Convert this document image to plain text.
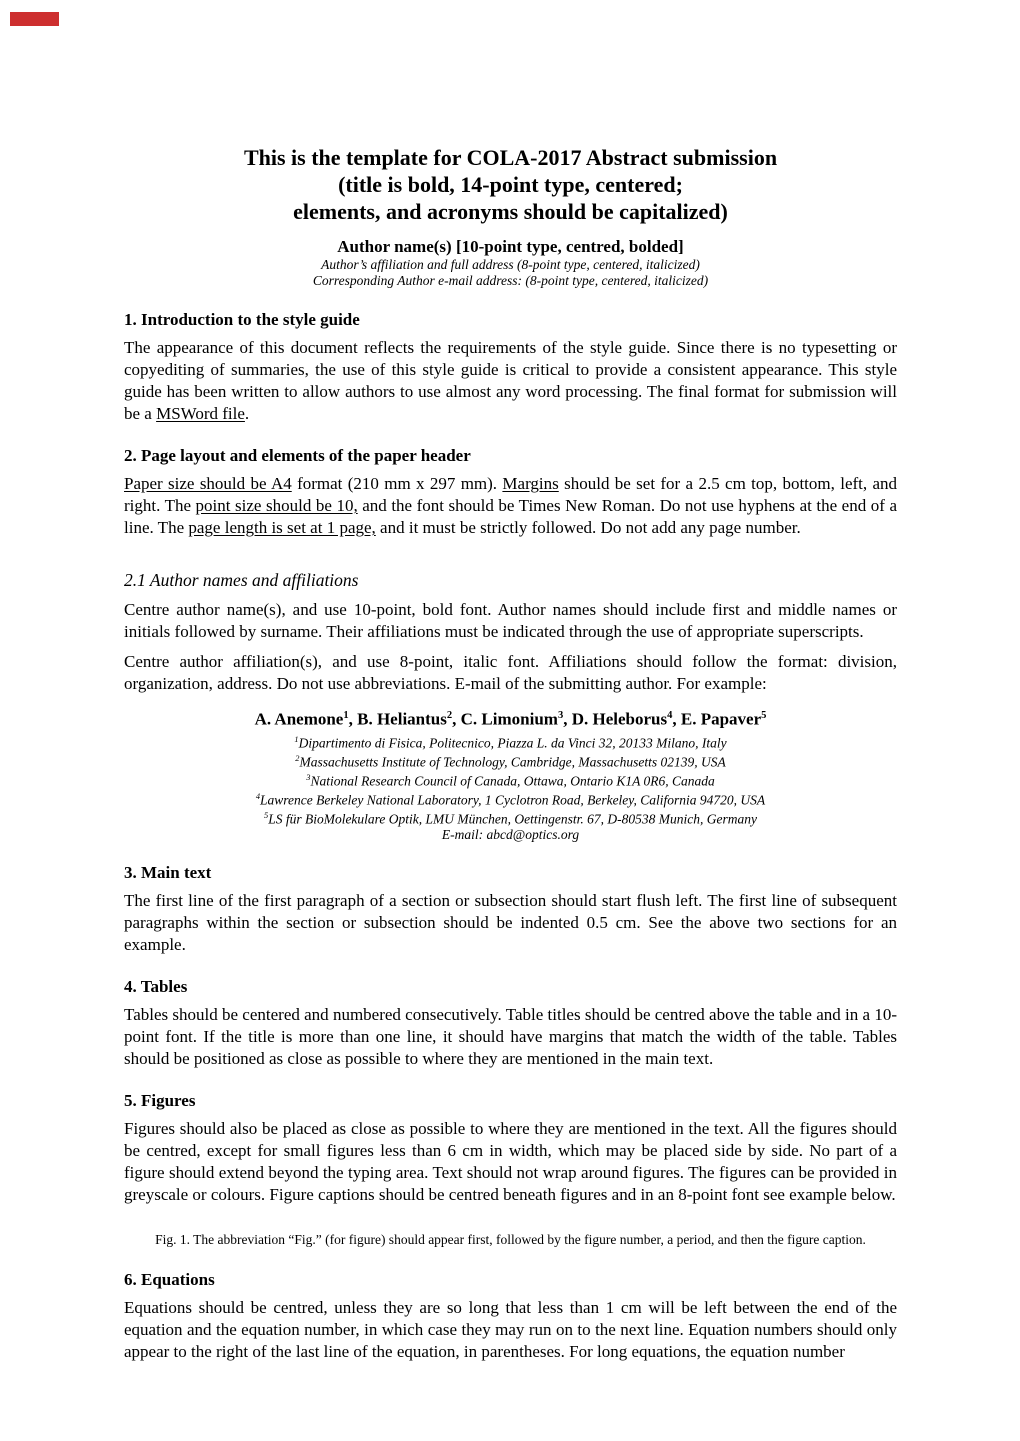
This is the template for COLA-2017 Abstract submission
(title is bold, 14-point type, centered;
elements, and acronyms should be capitalized)
Author name(s) [10-point type, centred, bolded]
Author’s affiliation and full address (8-point type, centered, italicized)
Corresponding Author e-mail address: (8-point type, centered, italicized)
1. Introduction to the style guide

The appearance of this document reflects the requirements of the style guide. Since there is no typesetting or copyediting of summaries, the use of this style guide is critical to provide a consistent appearance. This style guide has been written to allow authors to use almost any word processing. The final format for submission will be a MSWord file.

2. Page layout and elements of the paper header

Paper size should be A4 format (210 mm x 297 mm). Margins should be set for a 2.5 cm top, bottom, left, and right. The point size should be 10, and the font should be Times New Roman. Do not use hyphens at the end of a line. The page length is set at 1 page, and it must be strictly followed. Do not add any page number.

2.1 Author names and affiliations

Centre author name(s), and use 10-point, bold font. Author names should include first and middle names or initials followed by surname. Their affiliations must be indicated through the use of appropriate superscripts.

Centre author affiliation(s), and use 8-point, italic font. Affiliations should follow the format: division, organization, address. Do not use abbreviations. E-mail of the submitting author. For example:

A. Anemone$^1$, B. Heliantus$^2$, C. Limonium$^3$, D. Heleborus$^4$, E. Papaver$^5$
$^1$Dipartimento di Fisica, Politecnico, Piazza L. da Vinci 32, 20133 Milano, Italy
$^2$Massachusetts Institute of Technology, Cambridge, Massachusetts 02139, USA
$^3$National Research Council of Canada, Ottawa, Ontario K1A 0R6, Canada
$^4$Lawrence Berkeley National Laboratory, 1 Cyclotron Road, Berkeley, California 94720, USA
$^5$LS für BioMolekulare Optik, LMU München, Oettingenstr. 67, D-80538 Munich, Germany
E-mail: abcd@optics.org
3. Main text

The first line of the first paragraph of a section or subsection should start flush left. The first line of subsequent paragraphs within the section or subsection should be indented 0.5 cm. See the above two sections for an example.

4. Tables

Tables should be centered and numbered consecutively. Table titles should be centred above the table and in a 10-point font. If the title is more than one line, it should have margins that match the width of the table. Tables should be positioned as close as possible to where they are mentioned in the main text.

5. Figures

Figures should also be placed as close as possible to where they are mentioned in the text. All the figures should be centred, except for small figures less than 6 cm in width, which may be placed side by side. No part of a figure should extend beyond the typing area. Text should not wrap around figures. The figures can be provided in greyscale or colours. Figure captions should be centred beneath figures and in an 8-point font see example below.

Fig. 1. The abbreviation “Fig.” (for figure) should appear first, followed by the figure number, a period, and then the figure caption.
6. Equations

Equations should be centred, unless they are so long that less than 1 cm will be left between the end of the equation and the equation number, in which case they may run on to the next line. Equation numbers should only appear to the right of the last line of the equation, in parentheses. For long equations, the equation number
